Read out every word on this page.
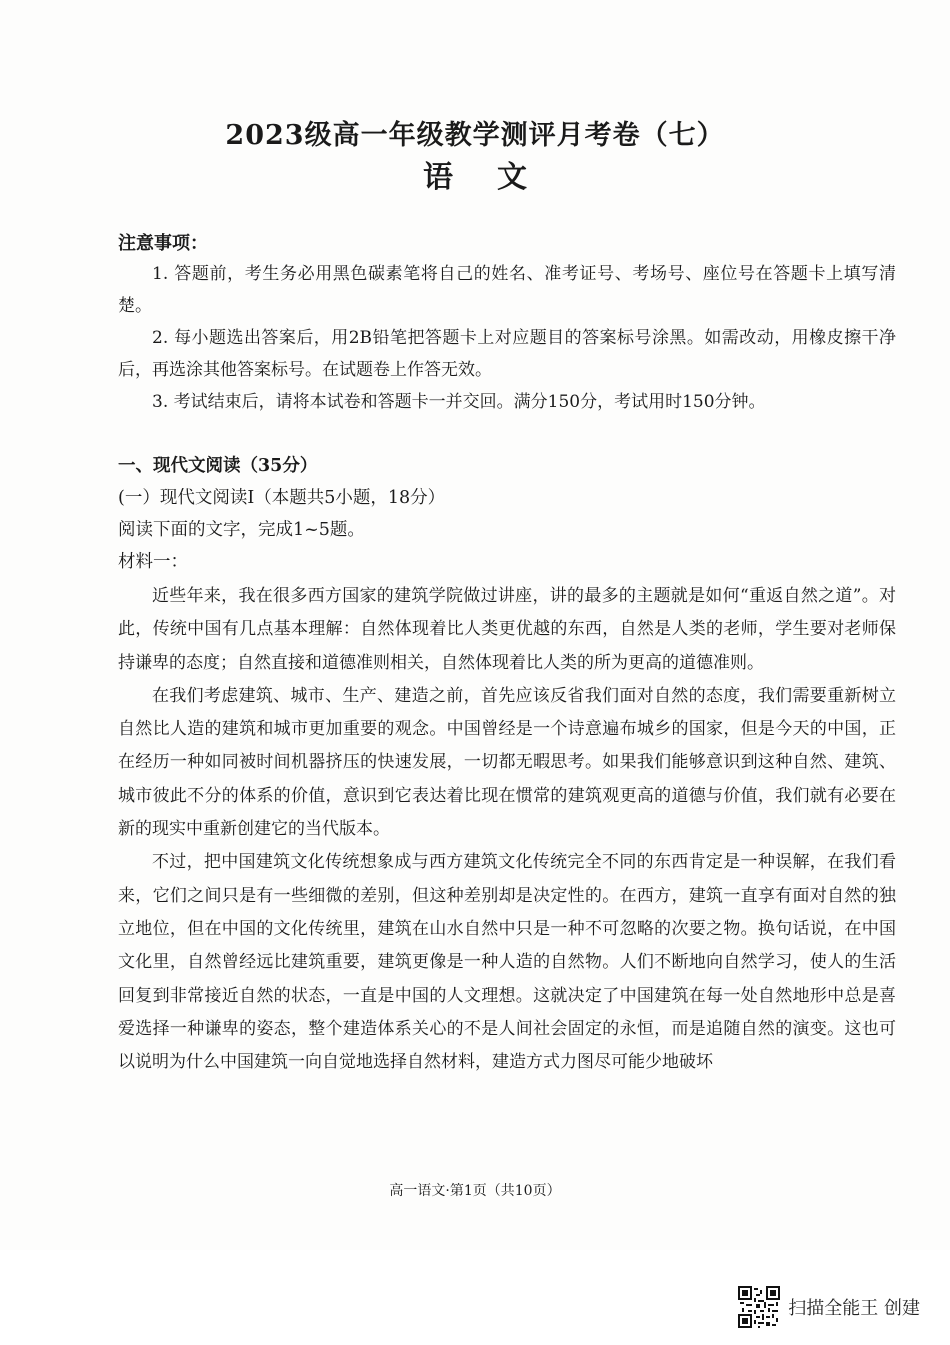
2023级高一年级教学测评月考卷（七）
语文
注意事项：

1. 答题前，考生务必用黑色碳素笔将自己的姓名、准考证号、考场号、座位号在答题卡上填写清楚。

2. 每小题选出答案后，用2B铅笔把答题卡上对应题目的答案标号涂黑。如需改动，用橡皮擦干净后，再选涂其他答案标号。在试题卷上作答无效。

3. 考试结束后，请将本试卷和答题卡一并交回。满分150分，考试用时150分钟。

一、现代文阅读（35分）
(一）现代文阅读Ⅰ（本题共5小题，18分）
阅读下面的文字，完成1~5题。
材料一：

近些年来，我在很多西方国家的建筑学院做过讲座，讲的最多的主题就是如何“重返自然之道”。对此，传统中国有几点基本理解：自然体现着比人类更优越的东西，自然是人类的老师，学生要对老师保持谦卑的态度；自然直接和道德准则相关，自然体现着比人类的所为更高的道德准则。

在我们考虑建筑、城市、生产、建造之前，首先应该反省我们面对自然的态度，我们需要重新树立自然比人造的建筑和城市更加重要的观念。中国曾经是一个诗意遍布城乡的国家，但是今天的中国，正在经历一种如同被时间机器挤压的快速发展，一切都无暇思考。如果我们能够意识到这种自然、建筑、城市彼此不分的体系的价值，意识到它表达着比现在惯常的建筑观更高的道德与价值，我们就有必要在新的现实中重新创建它的当代版本。

不过，把中国建筑文化传统想象成与西方建筑文化传统完全不同的东西肯定是一种误解，在我们看来，它们之间只是有一些细微的差别，但这种差别却是决定性的。在西方，建筑一直享有面对自然的独立地位，但在中国的文化传统里，建筑在山水自然中只是一种不可忽略的次要之物。换句话说，在中国文化里，自然曾经远比建筑重要，建筑更像是一种人造的自然物。人们不断地向自然学习，使人的生活回复到非常接近自然的状态，一直是中国的人文理想。这就决定了中国建筑在每一处自然地形中总是喜爱选择一种谦卑的姿态，整个建造体系关心的不是人间社会固定的永恒，而是追随自然的演变。这也可以说明为什么中国建筑一向自觉地选择自然材料，建造方式力图尽可能少地破坏

高一语文·第1页（共10页）
扫描全能王 创建
